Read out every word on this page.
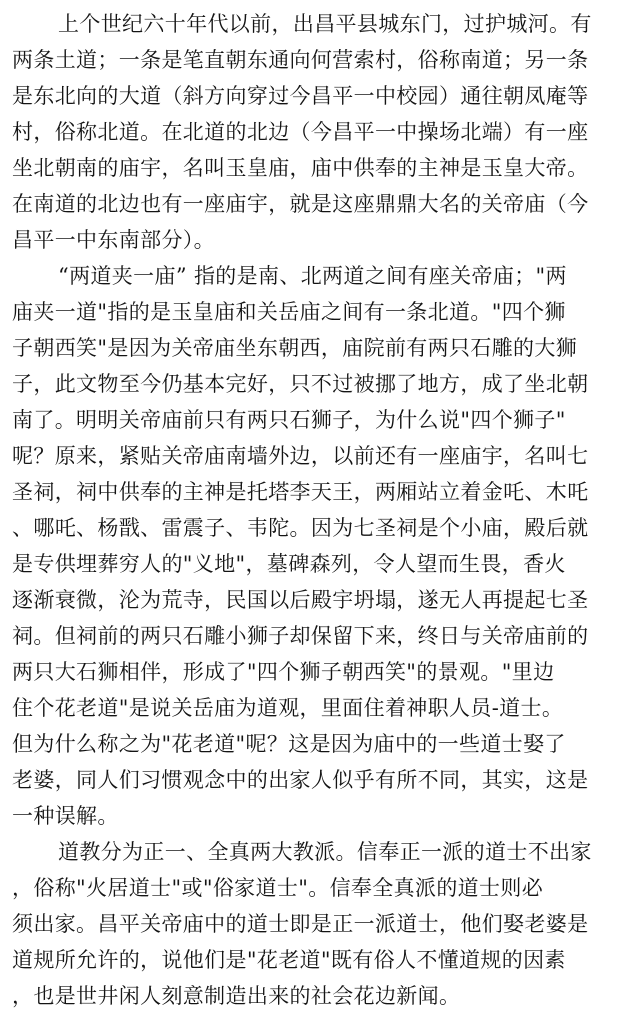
上个世纪六十年代以前，出昌平县城东门，过护城河。有
两条土道；一条是笔直朝东通向何营索村，俗称南道；另一条
是东北向的大道（斜方向穿过今昌平一中校园）通往朝凤庵等
村，俗称北道。在北道的北边（今昌平一中操场北端）有一座
坐北朝南的庙宇，名叫玉皇庙，庙中供奉的主神是玉皇大帝。
在南道的北边也有一座庙宇，就是这座鼎鼎大名的关帝庙（今
昌平一中东南部分）。
“两道夹一庙” 指的是南、北两道之间有座关帝庙；"两
庙夹一道"指的是玉皇庙和关岳庙之间有一条北道。"四个狮
子朝西笑"是因为关帝庙坐东朝西，庙院前有两只石雕的大狮
子，此文物至今仍基本完好，只不过被挪了地方，成了坐北朝
南了。明明关帝庙前只有两只石狮子，为什么说"四个狮子"
呢？原来，紧贴关帝庙南墙外边，以前还有一座庙宇，名叫七
圣祠，祠中供奉的主神是托塔李天王，两厢站立着金吒、木吒
、哪吒、杨戬、雷震子、韦陀。因为七圣祠是个小庙，殿后就
是专供埋葬穷人的"义地"，墓碑森列，令人望而生畏，香火
逐渐衰微，沦为荒寺，民国以后殿宇坍塌，遂无人再提起七圣
祠。但祠前的两只石雕小狮子却保留下来，终日与关帝庙前的
两只大石狮相伴，形成了"四个狮子朝西笑"的景观。"里边
住个花老道"是说关岳庙为道观，里面住着神职人员-道士。
但为什么称之为"花老道"呢？这是因为庙中的一些道士娶了
老婆，同人们习惯观念中的出家人似乎有所不同，其实，这是
一种误解。
道教分为正一、全真两大教派。信奉正一派的道士不出家
，俗称"火居道士"或"俗家道士"。信奉全真派的道士则必
须出家。昌平关帝庙中的道士即是正一派道士，他们娶老婆是
道规所允许的，说他们是"花老道"既有俗人不懂道规的因素
，也是世井闲人刻意制造出来的社会花边新闻。
